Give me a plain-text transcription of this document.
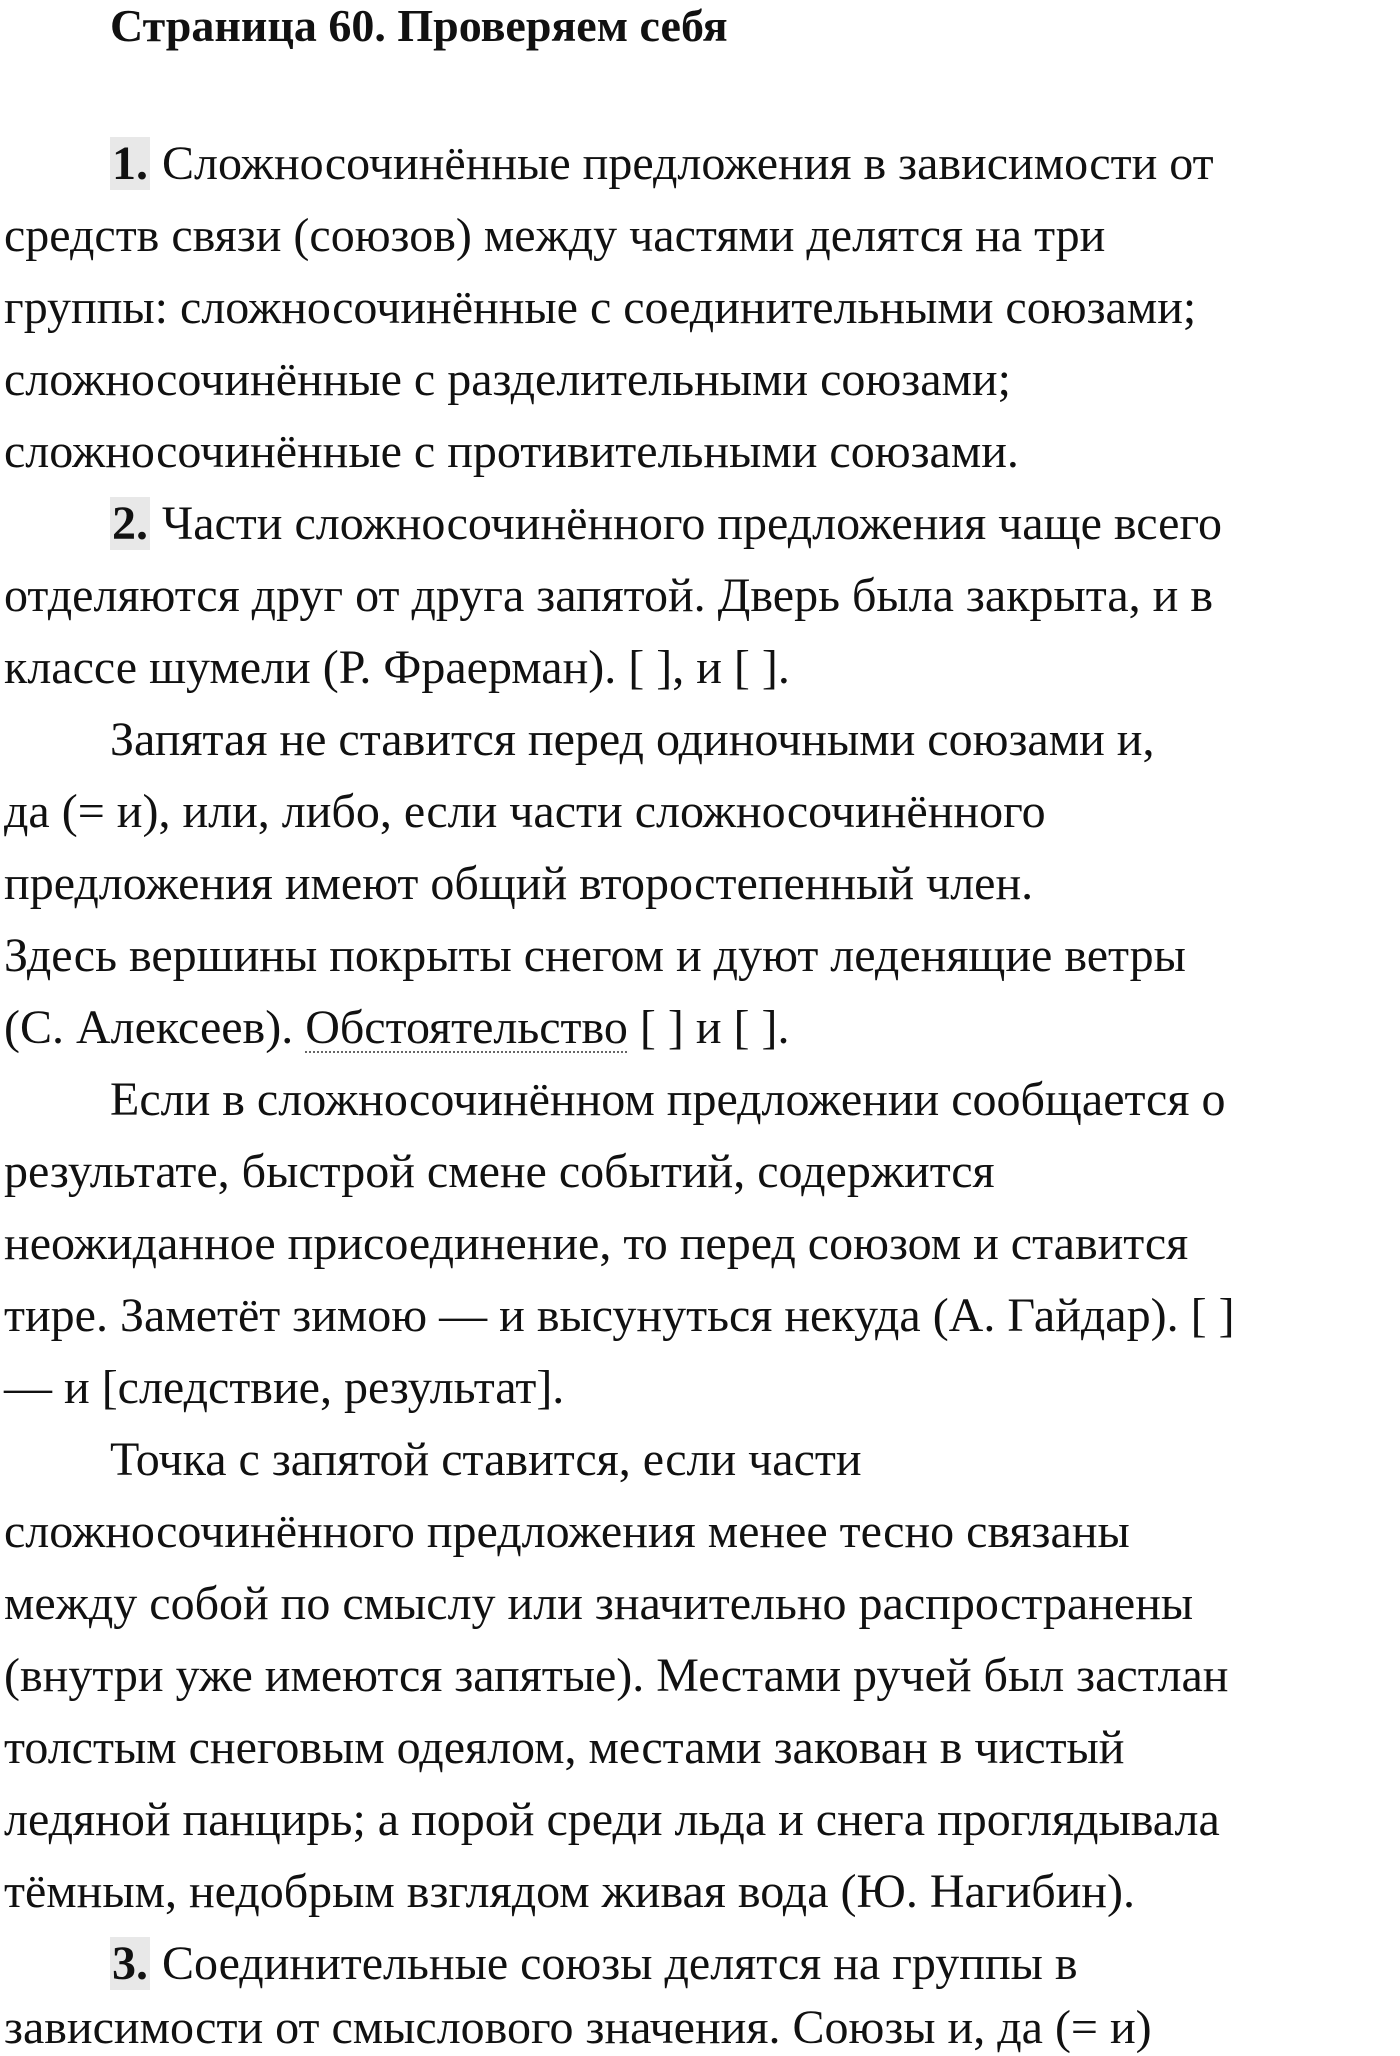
Страница 60. Проверяем себя
1. Сложносочинённые предложения в зависимости от
средств связи (союзов) между частями делятся на три
группы: сложносочинённые с соединительными союзами;
сложносочинённые с разделительными союзами;
сложносочинённые с противительными союзами.
2. Части сложносочинённого предложения чаще всего
отделяются друг от друга запятой. Дверь была закрыта, и в
классе шумели (Р. Фраерман). [ ], и [ ].
Запятая не ставится перед одиночными союзами и,
да (= и), или, либо, если части сложносочинённого
предложения имеют общий второстепенный член.
Здесь вершины покрыты снегом и дуют леденящие ветры
(С. Алексеев). Обстоятельство [ ] и [ ].
Если в сложносочинённом предложении сообщается о
результате, быстрой смене событий, содержится
неожиданное присоединение, то перед союзом и ставится
тире. Заметёт зимою — и высунуться некуда (А. Гайдар). [ ]
— и [следствие, результат].
Точка с запятой ставится, если части
сложносочинённого предложения менее тесно связаны
между собой по смыслу или значительно распространены
(внутри уже имеются запятые). Местами ручей был застлан
толстым снеговым одеялом, местами закован в чистый
ледяной панцирь; а порой среди льда и снега проглядывала
тёмным, недобрым взглядом живая вода (Ю. Нагибин).
3. Соединительные союзы делятся на группы в
зависимости от смыслового значения. Союзы и, да (= и)
